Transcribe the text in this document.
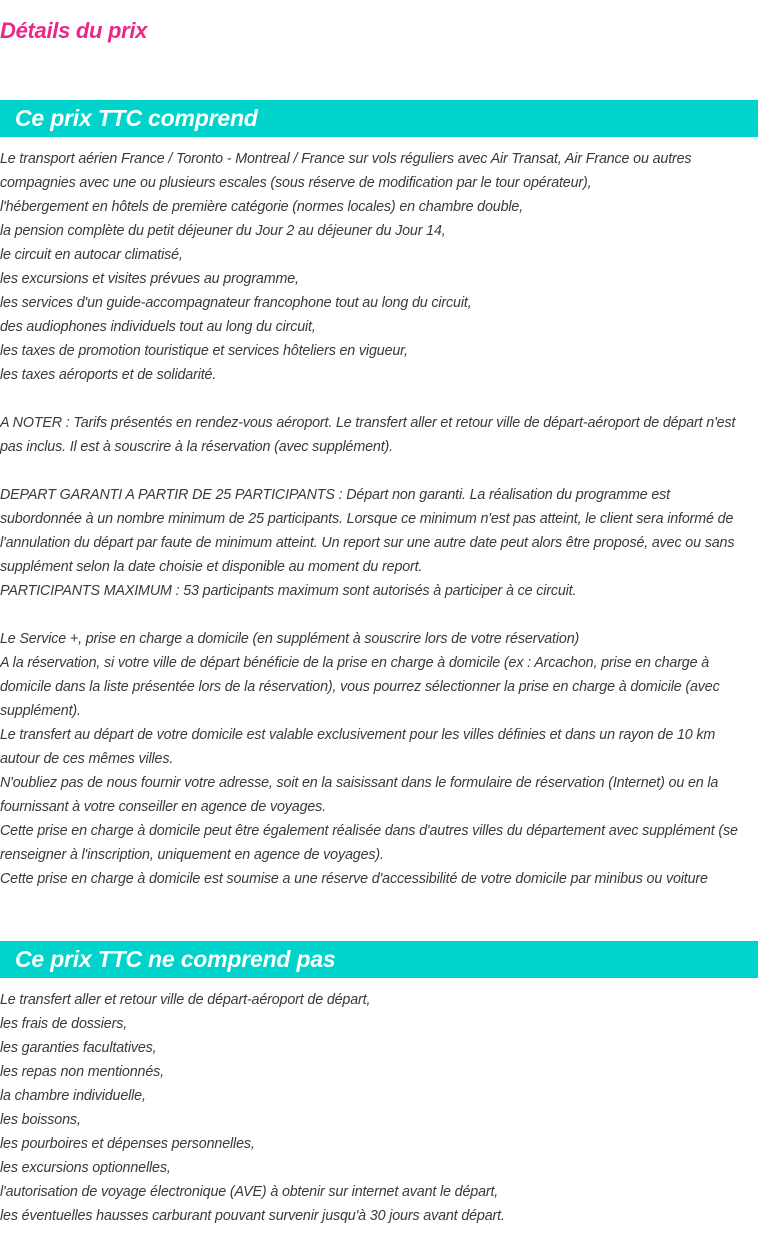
Détails du prix
Ce prix TTC comprend
Le transport aérien France / Toronto - Montreal / France sur vols réguliers avec Air Transat, Air France ou autres compagnies avec une ou plusieurs escales (sous réserve de modification par le tour opérateur),
l'hébergement en hôtels de première catégorie (normes locales) en chambre double,
la pension complète du petit déjeuner du Jour 2 au déjeuner du Jour 14,
le circuit en autocar climatisé,
les excursions et visites prévues au programme,
les services d'un guide-accompagnateur francophone tout au long du circuit,
des audiophones individuels tout au long du circuit,
les taxes de promotion touristique et services hôteliers en vigueur,
les taxes aéroports et de solidarité.
A NOTER : Tarifs présentés en rendez-vous aéroport. Le transfert aller et retour ville de départ-aéroport de départ n'est pas inclus. Il est à souscrire à la réservation (avec supplément).
DEPART GARANTI A PARTIR DE 25 PARTICIPANTS : Départ non garanti. La réalisation du programme est subordonnée à un nombre minimum de 25 participants. Lorsque ce minimum n'est pas atteint, le client sera informé de l'annulation du départ par faute de minimum atteint. Un report sur une autre date peut alors être proposé, avec ou sans supplément selon la date choisie et disponible au moment du report.
PARTICIPANTS MAXIMUM : 53 participants maximum sont autorisés à participer à ce circuit.
Le Service +, prise en charge a domicile (en supplément à souscrire lors de votre réservation)
A la réservation, si votre ville de départ bénéficie de la prise en charge à domicile (ex : Arcachon, prise en charge à domicile dans la liste présentée lors de la réservation), vous pourrez sélectionner la prise en charge à domicile (avec supplément).
Le transfert au départ de votre domicile est valable exclusivement pour les villes définies et dans un rayon de 10 km autour de ces mêmes villes.
N'oubliez pas de nous fournir votre adresse, soit en la saisissant dans le formulaire de réservation (Internet) ou en la fournissant à votre conseiller en agence de voyages.
Cette prise en charge à domicile peut être également réalisée dans d'autres villes du département avec supplément (se renseigner à l'inscription, uniquement en agence de voyages).
Cette prise en charge à domicile est soumise a une réserve d'accessibilité de votre domicile par minibus ou voiture
Ce prix TTC ne comprend pas
Le transfert aller et retour ville de départ-aéroport de départ,
les frais de dossiers,
les garanties facultatives,
les repas non mentionnés,
la chambre individuelle,
les boissons,
les pourboires et dépenses personnelles,
les excursions optionnelles,
l'autorisation de voyage électronique (AVE) à obtenir sur internet avant le départ,
les éventuelles hausses carburant pouvant survenir jusqu'à 30 jours avant départ.
